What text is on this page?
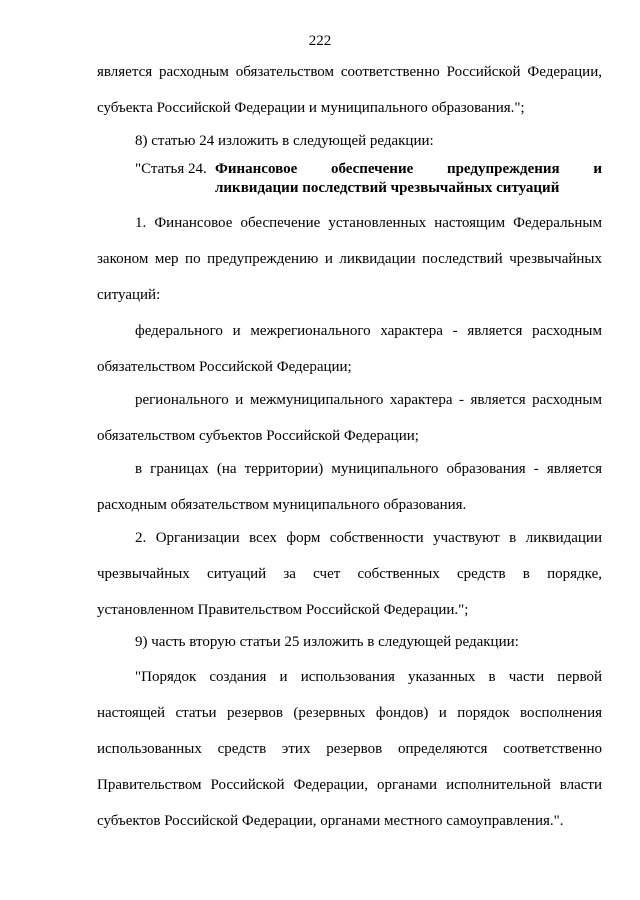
222
является расходным обязательством соответственно Российской Федерации,
субъекта Российской Федерации и муниципального образования.";
8) статью 24 изложить в следующей редакции:
"Статья 24. Финансовое обеспечение предупреждения и
ликвидации последствий чрезвычайных ситуаций
1. Финансовое обеспечение установленных настоящим Федеральным
законом мер по предупреждению и ликвидации последствий чрезвычайных
ситуаций:
федерального и межрегионального характера - является расходным
обязательством Российской Федерации;
регионального и межмуниципального характера - является расходным
обязательством субъектов Российской Федерации;
в границах (на территории) муниципального образования - является
расходным обязательством муниципального образования.
2. Организации всех форм собственности участвуют в ликвидации
чрезвычайных ситуаций за счет собственных средств в порядке,
установленном Правительством Российской Федерации.";
9) часть вторую статьи 25 изложить в следующей редакции:
"Порядок создания и использования указанных в части первой
настоящей статьи резервов (резервных фондов) и порядок восполнения
использованных средств этих резервов определяются соответственно
Правительством Российской Федерации, органами исполнительной власти
субъектов Российской Федерации, органами местного самоуправления.".
